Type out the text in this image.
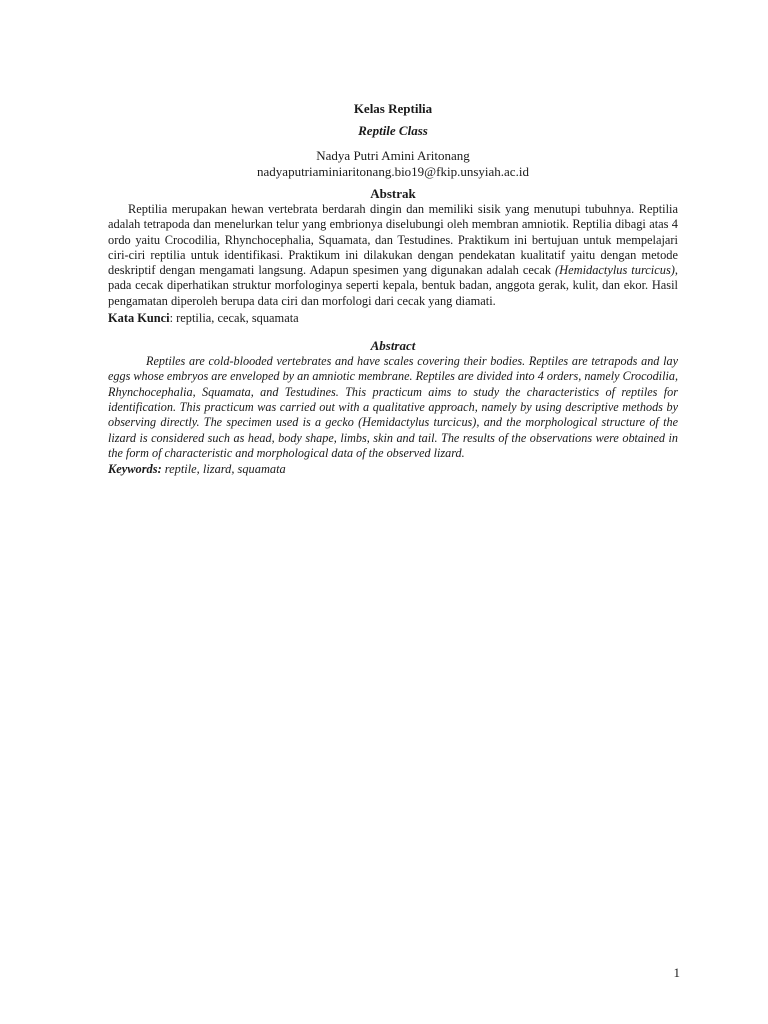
Kelas Reptilia
Reptile Class

Nadya Putri Amini Aritonang

nadyaputriaminiaritonang.bio19@fkip.unsyiah.ac.id

Abstrak

Reptilia merupakan hewan vertebrata berdarah dingin dan memiliki sisik yang menutupi tubuhnya. Reptilia adalah tetrapoda dan menelurkan telur yang embrionya diselubungi oleh membran amniotik. Reptilia dibagi atas 4 ordo yaitu Crocodilia, Rhynchocephalia, Squamata, dan Testudines. Praktikum ini bertujuan untuk mempelajari ciri-ciri reptilia untuk identifikasi. Praktikum ini dilakukan dengan pendekatan kualitatif yaitu dengan metode deskriptif dengan mengamati langsung. Adapun spesimen yang digunakan adalah cecak (Hemidactylus turcicus), pada cecak diperhatikan struktur morfologinya seperti kepala, bentuk badan, anggota gerak, kulit, dan ekor. Hasil pengamatan diperoleh berupa data ciri dan morfologi dari cecak yang diamati.

Kata Kunci: reptilia, cecak, squamata

Abstract

Reptiles are cold-blooded vertebrates and have scales covering their bodies. Reptiles are tetrapods and lay eggs whose embryos are enveloped by an amniotic membrane. Reptiles are divided into 4 orders, namely Crocodilia, Rhynchocephalia, Squamata, and Testudines. This practicum aims to study the characteristics of reptiles for identification. This practicum was carried out with a qualitative approach, namely by using descriptive methods by observing directly. The specimen used is a gecko (Hemidactylus turcicus), and the morphological structure of the lizard is considered such as head, body shape, limbs, skin and tail. The results of the observations were obtained in the form of characteristic and morphological data of the observed lizard.

Keywords: reptile, lizard, squamata

1
